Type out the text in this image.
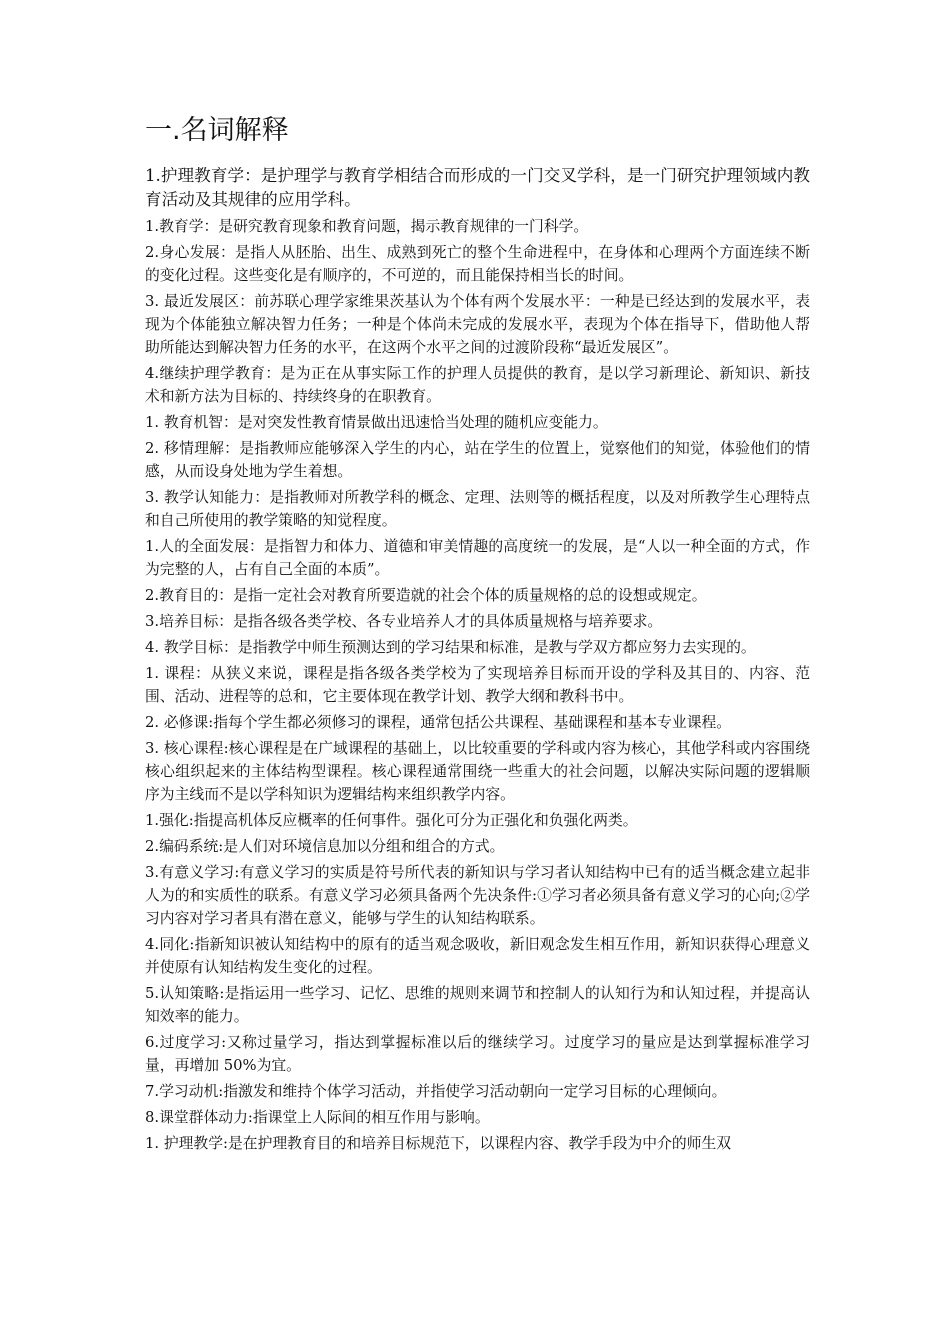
一.名词解释

1.护理教育学：是护理学与教育学相结合而形成的一门交叉学科，是一门研究护理领域内教育活动及其规律的应用学科。

1.教育学：是研究教育现象和教育问题，揭示教育规律的一门科学。

2.身心发展：是指人从胚胎、出生、成熟到死亡的整个生命进程中，在身体和心理两个方面连续不断的变化过程。这些变化是有顺序的，不可逆的，而且能保持相当长的时间。

3. 最近发展区：前苏联心理学家维果茨基认为个体有两个发展水平：一种是已经达到的发展水平，表现为个体能独立解决智力任务；一种是个体尚未完成的发展水平，表现为个体在指导下，借助他人帮助所能达到解决智力任务的水平，在这两个水平之间的过渡阶段称“最近发展区”。

4.继续护理学教育：是为正在从事实际工作的护理人员提供的教育，是以学习新理论、新知识、新技术和新方法为目标的、持续终身的在职教育。

1. 教育机智：是对突发性教育情景做出迅速恰当处理的随机应变能力。

2. 移情理解：是指教师应能够深入学生的内心，站在学生的位置上，觉察他们的知觉，体验他们的情感，从而设身处地为学生着想。

3. 教学认知能力：是指教师对所教学科的概念、定理、法则等的概括程度，以及对所教学生心理特点和自己所使用的教学策略的知觉程度。

1.人的全面发展：是指智力和体力、道德和审美情趣的高度统一的发展，是“人以一种全面的方式，作为完整的人，占有自己全面的本质”。

2.教育目的：是指一定社会对教育所要造就的社会个体的质量规格的总的设想或规定。

3.培养目标：是指各级各类学校、各专业培养人才的具体质量规格与培养要求。

4. 教学目标：是指教学中师生预测达到的学习结果和标准，是教与学双方都应努力去实现的。

1. 课程：从狭义来说，课程是指各级各类学校为了实现培养目标而开设的学科及其目的、内容、范围、活动、进程等的总和，它主要体现在教学计划、教学大纲和教科书中。

2. 必修课:指每个学生都必须修习的课程，通常包括公共课程、基础课程和基本专业课程。

3. 核心课程:核心课程是在广域课程的基础上，以比较重要的学科或内容为核心，其他学科或内容围绕核心组织起来的主体结构型课程。核心课程通常围绕一些重大的社会问题，以解决实际问题的逻辑顺序为主线而不是以学科知识为逻辑结构来组织教学内容。

1.强化:指提高机体反应概率的任何事件。强化可分为正强化和负强化两类。

2.编码系统:是人们对环境信息加以分组和组合的方式。

3.有意义学习:有意义学习的实质是符号所代表的新知识与学习者认知结构中已有的适当概念建立起非人为的和实质性的联系。有意义学习必须具备两个先决条件:①学习者必须具备有意义学习的心向;②学习内容对学习者具有潜在意义，能够与学生的认知结构联系。

4.同化:指新知识被认知结构中的原有的适当观念吸收，新旧观念发生相互作用，新知识获得心理意义并使原有认知结构发生变化的过程。

5.认知策略:是指运用一些学习、记忆、思维的规则来调节和控制人的认知行为和认知过程，并提高认知效率的能力。

6.过度学习:又称过量学习，指达到掌握标准以后的继续学习。过度学习的量应是达到掌握标准学习量，再增加 50%为宜。

7.学习动机:指激发和维持个体学习活动，并指使学习活动朝向一定学习目标的心理倾向。

8.课堂群体动力:指课堂上人际间的相互作用与影响。

1. 护理教学:是在护理教育目的和培养目标规范下，以课程内容、教学手段为中介的师生双
